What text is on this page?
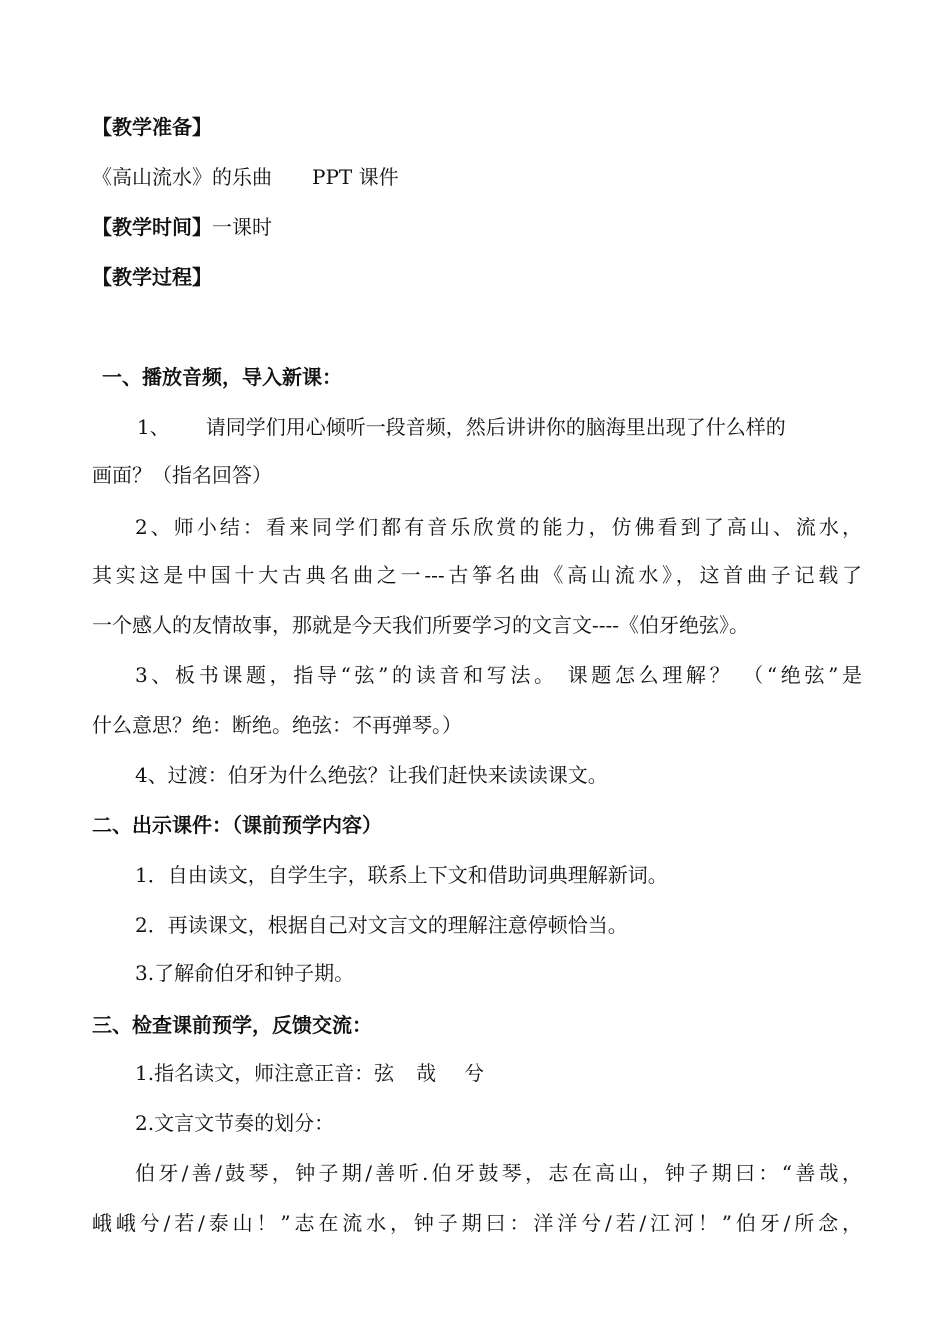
【教学准备】
《高山流水》的乐曲 PPT 课件
【教学时间】一课时
【教学过程】
一、播放音频，导入新课：
1、 请同学们用心倾听一段音频，然后讲讲你的脑海里出现了什么样的
画面？（指名回答）
2、师小结：看来同学们都有音乐欣赏的能力，仿佛看到了高山、流水，
其实这是中国十大古典名曲之一---古筝名曲《高山流水》，这首曲子记载了
一个感人的友情故事，那就是今天我们所要学习的文言文----《伯牙绝弦》。
3、板书课题，指导“弦”的读音和写法。 课题怎么理解？ （“绝弦”是
什么意思？绝：断绝。绝弦：不再弹琴。）
4、过渡：伯牙为什么绝弦？让我们赶快来读读课文。
二、出示课件：（课前预学内容）
1．自由读文，自学生字，联系上下文和借助词典理解新词。
2．再读课文，根据自己对文言文的理解注意停顿恰当。
3.了解俞伯牙和钟子期。
三、检查课前预学，反馈交流：
1.指名读文，师注意正音：弦 哉 兮
2.文言文节奏的划分：
伯牙/善/鼓琴，钟子期/善听.伯牙鼓琴，志在高山，钟子期曰：“善哉，
峨峨兮/若/泰山！”志在流水，钟子期曰：洋洋兮/若/江河！”伯牙/所念，
